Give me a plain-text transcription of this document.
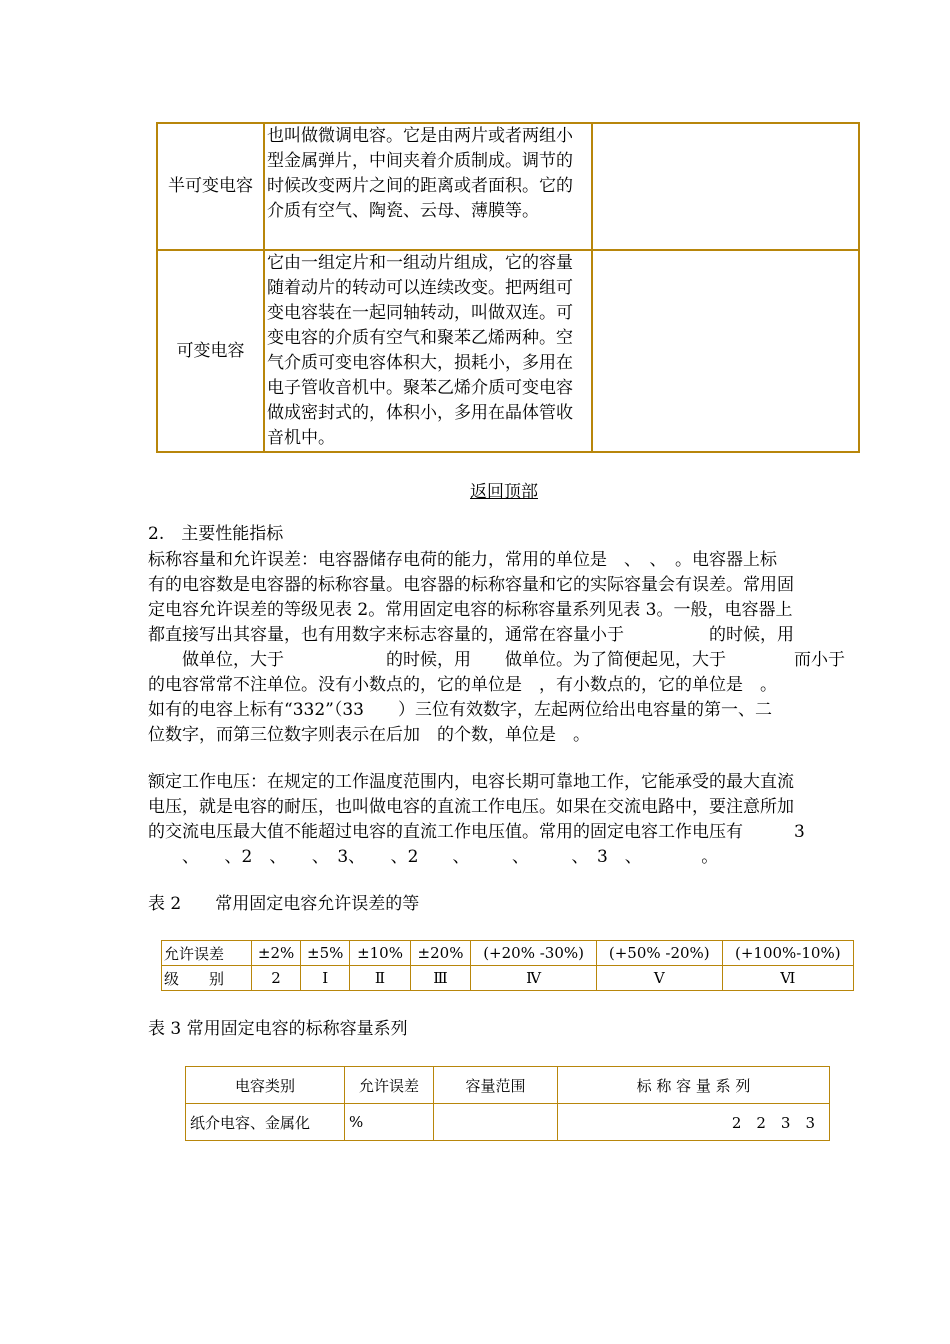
半可变电容	也叫做微调电容。它是由两片或者两组小型金属弹片，中间夹着介质制成。调节的时候改变两片之间的距离或者面积。它的介质有空气、陶瓷、云母、薄膜等。	
可变电容	它由一组定片和一组动片组成，它的容量随着动片的转动可以连续改变。把两组可变电容装在一起同轴转动，叫做双连。可变电容的介质有空气和聚苯乙烯两种。空气介质可变电容体积大，损耗小，多用在电子管收音机中。聚苯乙烯介质可变电容做成密封式的，体积小，多用在晶体管收音机中。	
返回顶部
2.　主要性能指标
标称容量和允许误差：电容器储存电荷的能力，常用的单位是　、　、　。电容器上标
有的电容数是电容器的标称容量。电容器的标称容量和它的实际容量会有误差。常用固
定电容允许误差的等级见表 2。常用固定电容的标称容量系列见表 3。一般，电容器上
都直接写出其容量，也有用数字来标志容量的，通常在容量小于　　　　　的时候，用
　　做单位，大于　　　　　　的时候，用　　做单位。为了简便起见，大于　　　　而小于
的电容常常不注单位。没有小数点的，它的单位是　，有小数点的，它的单位是　。
如有的电容上标有“332”（33　　）三位有效数字，左起两位给出电容量的第一、二
位数字，而第三位数字则表示在后加　的个数，单位是　。
额定工作电压：在规定的工作温度范围内，电容长期可靠地工作，它能承受的最大直流
电压，就是电容的耐压，也叫做电容的直流工作电压。如果在交流电路中，要注意所加
的交流电压最大值不能超过电容的直流工作电压值。常用的固定电容工作电压有　　　3
　　、　　、2　、　　、　3、　　、2　　、　　　、　　　、　3　、　　　　。
表 2　　常用固定电容允许误差的等
允许误差	±2%	±5%	±10%	±20%	(+20% -30%)	(+50% -20%)	(+100%-10%)
级　　别	2	Ⅰ	Ⅱ	Ⅲ	Ⅳ	Ⅴ	Ⅵ
表 3 常用固定电容的标称容量系列
电容类别	允许误差	容量范围	标 称 容 量 系 列
纸介电容、金属化	%		2　2　3　3
